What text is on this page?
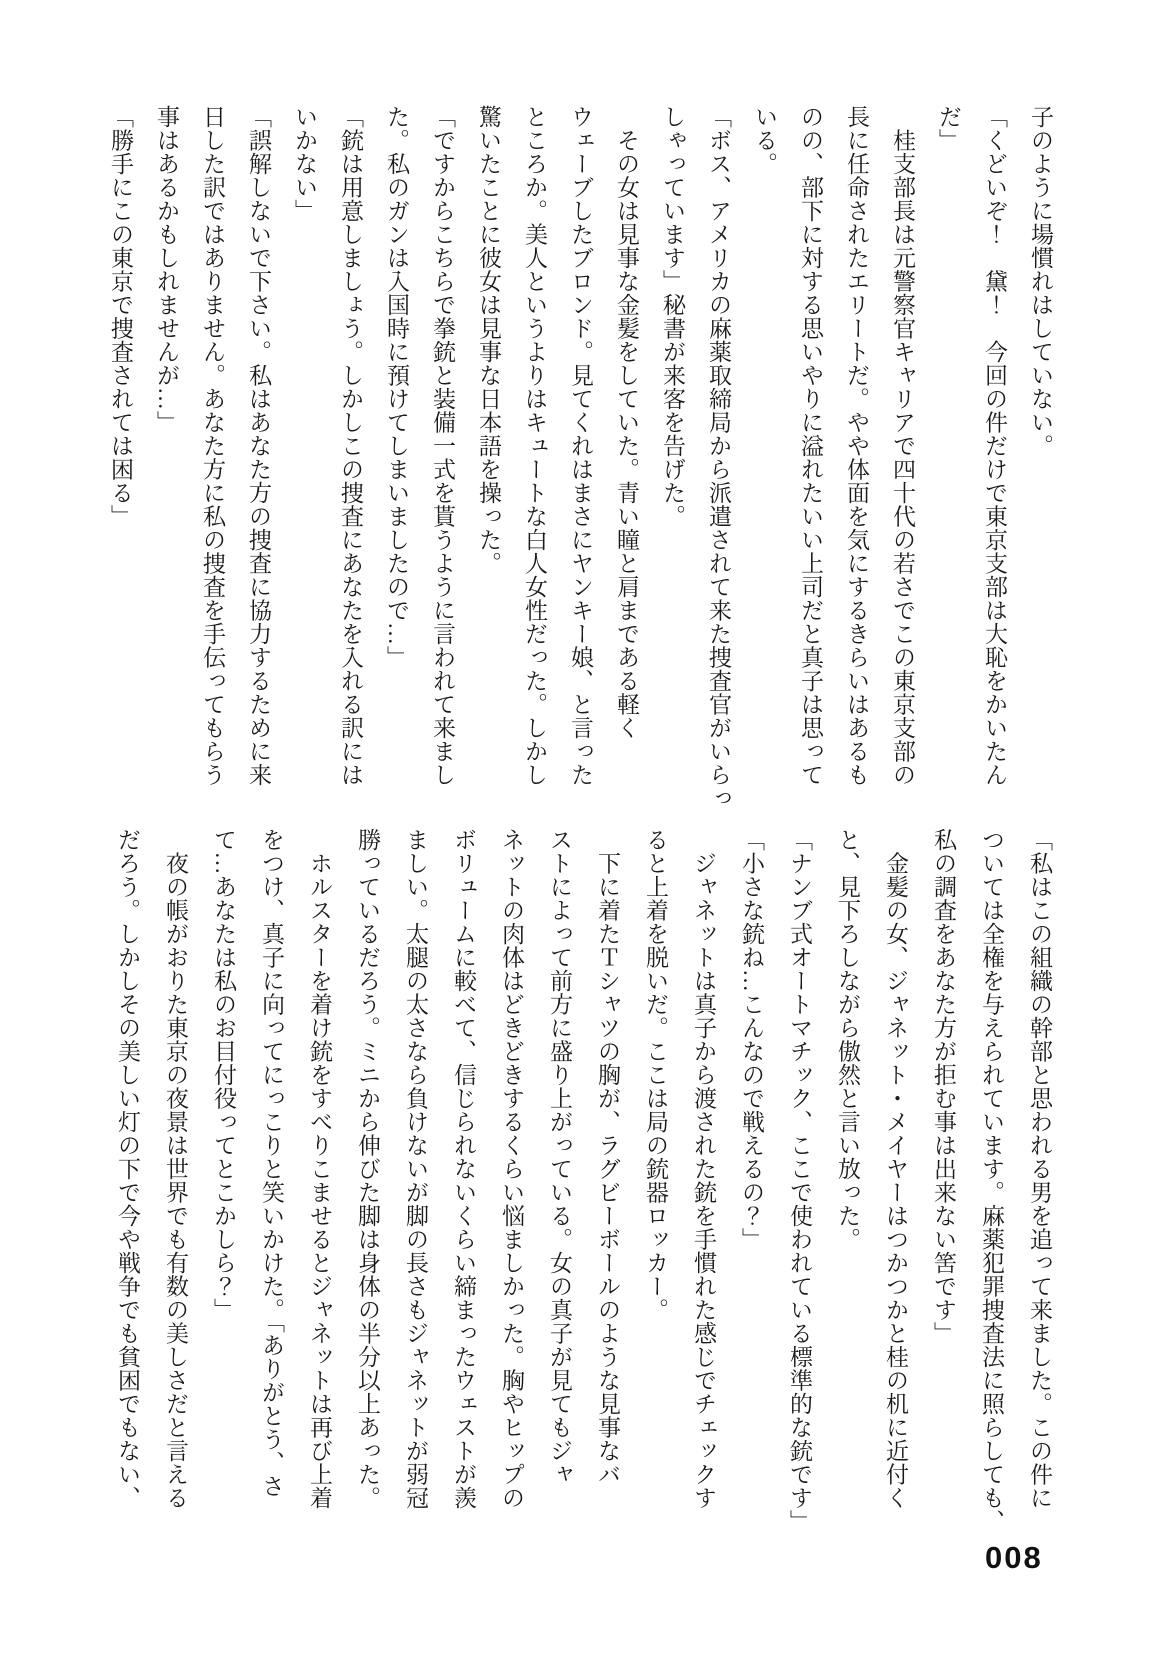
子のように場慣れはしていない。
「くどいぞ！　黛！　今回の件だけで東京支部は大恥をかいたん
だ」
　桂支部長は元警察官キャリアで四十代の若さでこの東京支部の
長に任命されたエリートだ。やや体面を気にするきらいはあるも
のの、部下に対する思いやりに溢れたいい上司だと真子は思って
いる。
「ボス、アメリカの麻薬取締局から派遣されて来た捜査官がいらっ
しゃっています」秘書が来客を告げた。
　その女は見事な金髪をしていた。青い瞳と肩まである軽く
ウェーブしたブロンド。見てくれはまさにヤンキー娘、と言った
ところか。美人というよりはキュートな白人女性だった。しかし
驚いたことに彼女は見事な日本語を操った。
「ですからこちらで拳銃と装備一式を貰うように言われて来まし
た。私のガンは入国時に預けてしまいましたので…」
「銃は用意しましょう。しかしこの捜査にあなたを入れる訳には
いかない」
「誤解しないで下さい。私はあなた方の捜査に協力するために来
日した訳ではありません。あなた方に私の捜査を手伝ってもらう
事はあるかもしれませんが…」
「勝手にこの東京で捜査されては困る」
「私はこの組織の幹部と思われる男を追って来ました。この件に
ついては全権を与えられています。麻薬犯罪捜査法に照らしても、
私の調査をあなた方が拒む事は出来ない筈です」
　金髪の女、ジャネット・メイヤーはつかつかと桂の机に近付く
と、見下ろしながら傲然と言い放った。
「ナンブ式オートマチック、ここで使われている標準的な銃です」
「小さな銃ね…こんなので戦えるの？」
　ジャネットは真子から渡された銃を手慣れた感じでチェックす
ると上着を脱いだ。ここは局の銃器ロッカー。
　下に着たＴシャツの胸が、ラグビーボールのような見事なバ
ストによって前方に盛り上がっている。女の真子が見てもジャ
ネットの肉体はどきどきするくらい悩ましかった。胸やヒップの
ボリュームに較べて、信じられないくらい締まったウェストが羨
ましい。太腿の太さなら負けないが脚の長さもジャネットが弱冠
勝っているだろう。ミニから伸びた脚は身体の半分以上あった。
　ホルスターを着け銃をすべりこませるとジャネットは再び上着
をつけ、真子に向ってにっこりと笑いかけた。「ありがとう、さ
て…あなたは私のお目付役ってとこかしら？」
　夜の帳がおりた東京の夜景は世界でも有数の美しさだと言える
だろう。しかしその美しい灯の下で今や戦争でも貧困でもない、
008
